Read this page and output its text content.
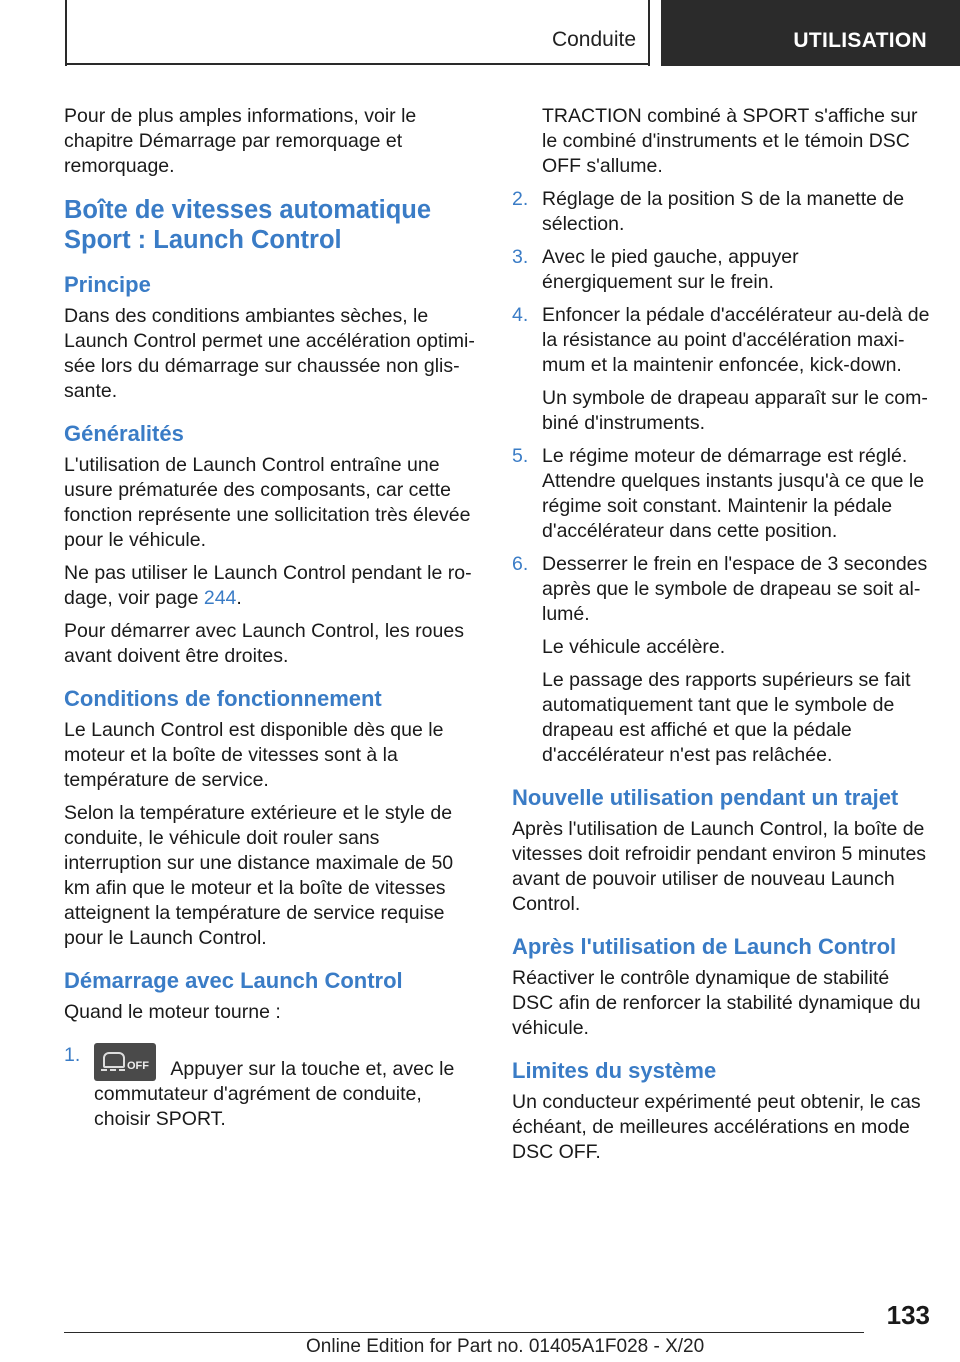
Conduite	UTILISATION

Pour de plus amples informations, voir le chapitre Démarrage par remorquage et remorquage.

Boîte de vitesses automatique Sport : Launch Control
Principe

Dans des conditions ambiantes sèches, le Launch Control permet une accélération optimisée lors du démarrage sur chaussée non glissante.

Généralités

L'utilisation de Launch Control entraîne une usure prématurée des composants, car cette fonction représente une sollicitation très élevée pour le véhicule.

Ne pas utiliser le Launch Control pendant le rodage, voir page 244.

Pour démarrer avec Launch Control, les roues avant doivent être droites.

Conditions de fonctionnement

Le Launch Control est disponible dès que le moteur et la boîte de vitesses sont à la température de service.

Selon la température extérieure et le style de conduite, le véhicule doit rouler sans interruption sur une distance maximale de 50 km afin que le moteur et la boîte de vitesses atteignent la température de service requise pour le Launch Control.

Démarrage avec Launch Control

Quand le moteur tourne :

1.	OFF Appuyer sur la touche et, avec le commutateur d'agrément de conduite, choisir SPORT.

TRACTION combiné à SPORT s'affiche sur le combiné d'instruments et le témoin DSC OFF s'allume.

2. Réglage de la position S de la manette de sélection.
3. Avec le pied gauche, appuyer énergiquement sur le frein.
4. Enfoncer la pédale d'accélérateur au-delà de la résistance au point d'accélération maximum et la maintenir enfoncée, kick-down.

Un symbole de drapeau apparaît sur le combiné d'instruments.

5. Le régime moteur de démarrage est réglé. Attendre quelques instants jusqu'à ce que le régime soit constant. Maintenir la pédale d'accélérateur dans cette position.
6. Desserrer le frein en l'espace de 3 secondes après que le symbole de drapeau se soit allumé.

Le véhicule accélère.

Le passage des rapports supérieurs se fait automatiquement tant que le symbole de drapeau est affiché et que la pédale d'accélérateur n'est pas relâchée.

Nouvelle utilisation pendant un trajet

Après l'utilisation de Launch Control, la boîte de vitesses doit refroidir pendant environ 5 minutes avant de pouvoir utiliser de nouveau Launch Control.

Après l'utilisation de Launch Control

Réactiver le contrôle dynamique de stabilité DSC afin de renforcer la stabilité dynamique du véhicule.

Limites du système

Un conducteur expérimenté peut obtenir, le cas échéant, de meilleures accélérations en mode DSC OFF.

133
Online Edition for Part no. 01405A1F028 - X/20
